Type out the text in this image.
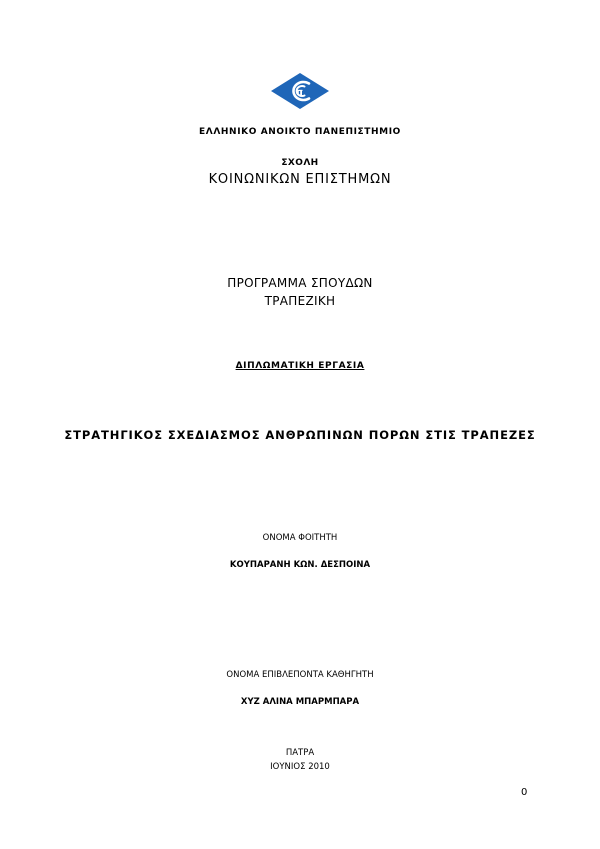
ΕΛΛΗΝΙΚΟ ΑΝΟΙΚΤΟ ΠΑΝΕΠΙΣΤΗΜΙΟ
ΣΧΟΛΗ
ΚΟΙΝΩΝΙΚΩΝ ΕΠΙΣΤΗΜΩΝ
ΠΡΟΓΡΑΜΜΑ ΣΠΟΥΔΩΝ
ΤΡΑΠΕΖΙΚΗ
ΔΙΠΛΩΜΑΤΙΚΗ ΕΡΓΑΣΙΑ
ΣΤΡΑΤΗΓΙΚΟΣ ΣΧΕΔΙΑΣΜΟΣ ΑΝΘΡΩΠΙΝΩΝ ΠΟΡΩΝ ΣΤΙΣ ΤΡΑΠΕΖΕΣ
ΟΝΟΜΑ ΦΟΙΤΗΤΗ
ΚΟΥΠΑΡΑΝΗ ΚΩΝ. ΔΕΣΠΟΙΝΑ
ΟΝΟΜΑ ΕΠΙΒΛΕΠΟΝΤΑ ΚΑΘΗΓΗΤΗ
ΧΥΖ ΑΛΙΝΑ ΜΠΑΡΜΠΑΡΑ
ΠΑΤΡΑ
ΙΟΥΝΙΟΣ 2010
0
